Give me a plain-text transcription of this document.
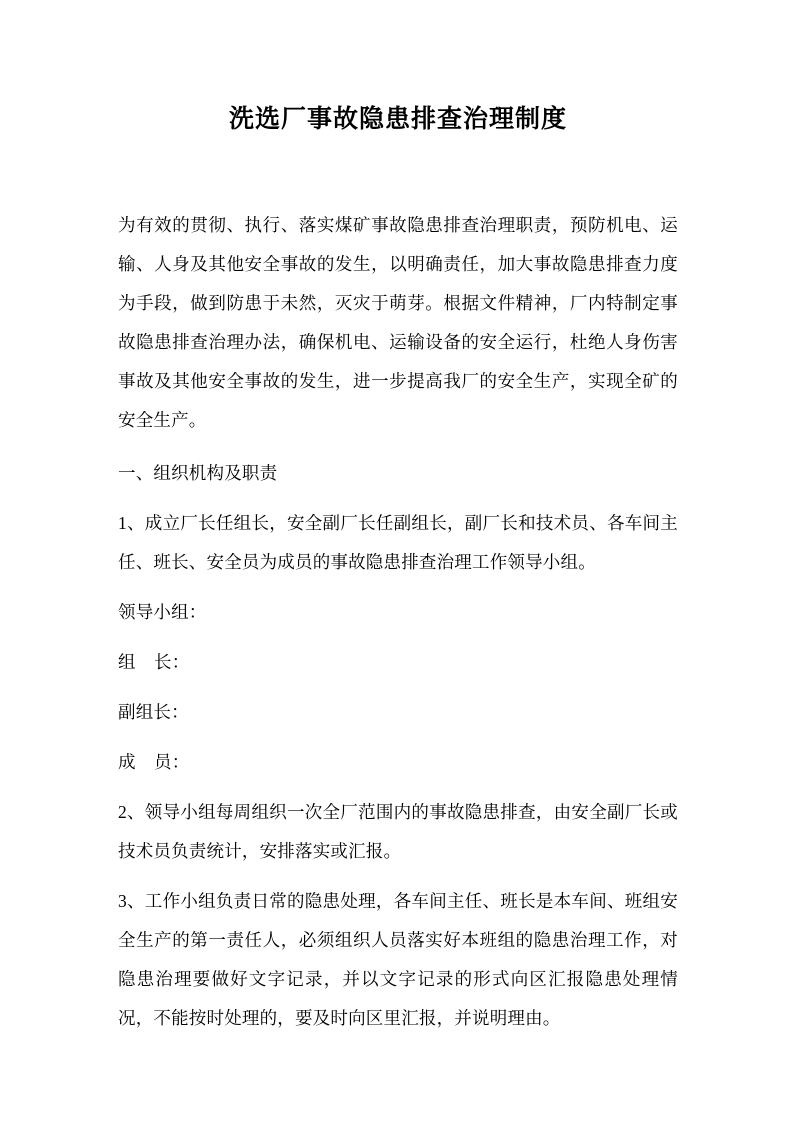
洗选厂事故隐患排查治理制度

为有效的贯彻、执行、落实煤矿事故隐患排查治理职责，预防机电、运输、人身及其他安全事故的发生，以明确责任，加大事故隐患排查力度为手段，做到防患于未然，灭灾于萌芽。根据文件精神，厂内特制定事故隐患排查治理办法，确保机电、运输设备的安全运行，杜绝人身伤害事故及其他安全事故的发生，进一步提高我厂的安全生产，实现全矿的安全生产。

一、组织机构及职责

1、成立厂长任组长，安全副厂长任副组长，副厂长和技术员、各车间主任、班长、安全员为成员的事故隐患排查治理工作领导小组。

领导小组：

组    长：

副组长：

成    员：

2、领导小组每周组织一次全厂范围内的事故隐患排查，由安全副厂长或技术员负责统计，安排落实或汇报。

3、工作小组负责日常的隐患处理，各车间主任、班长是本车间、班组安全生产的第一责任人，必须组织人员落实好本班组的隐患治理工作，对隐患治理要做好文字记录，并以文字记录的形式向区汇报隐患处理情况，不能按时处理的，要及时向区里汇报，并说明理由。
